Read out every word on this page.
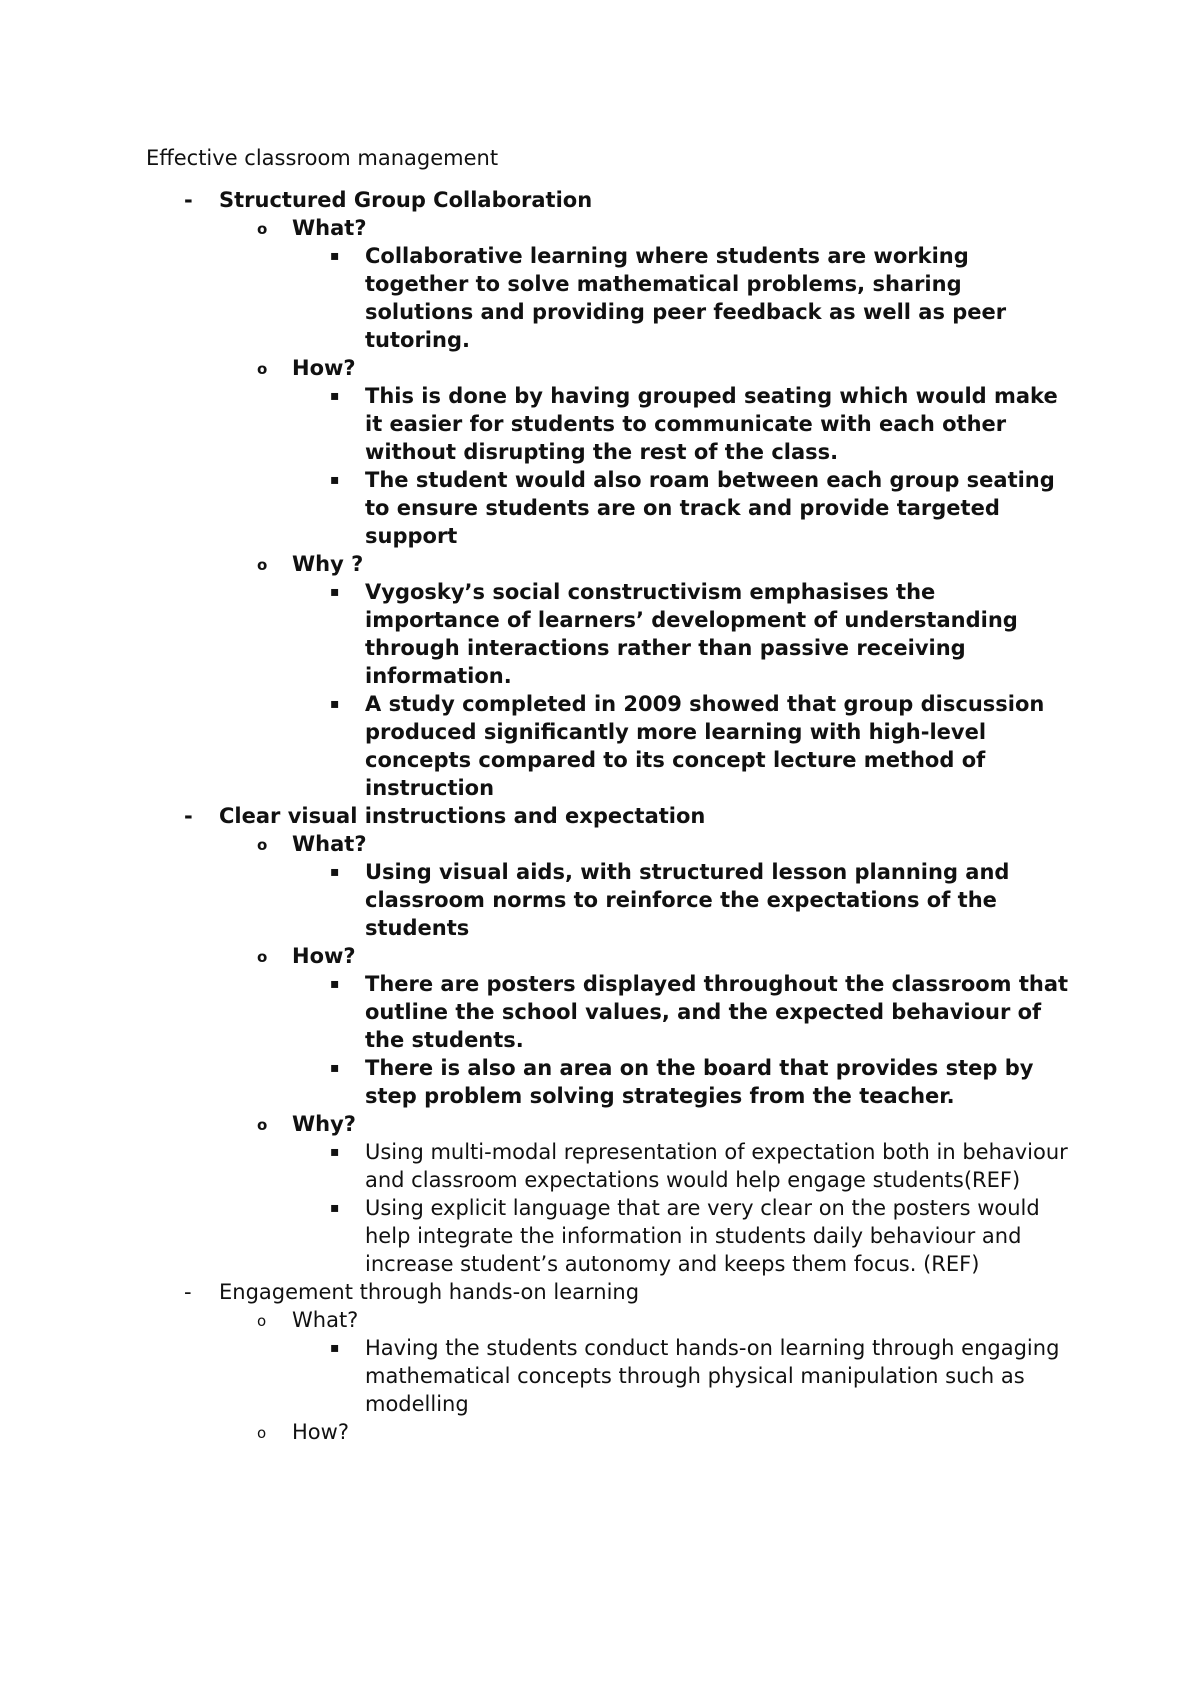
Effective classroom management
- Structured Group Collaboration
o What?
▪ Collaborative learning where students are working together to solve mathematical problems, sharing solutions and providing peer feedback as well as peer tutoring.
o How?
▪ This is done by having grouped seating which would make it easier for students to communicate with each other without disrupting the rest of the class.
▪ The student would also roam between each group seating to ensure students are on track and provide targeted support
o Why ?
▪ Vygosky’s social constructivism emphasises the importance of learners’ development of understanding through interactions rather than passive receiving information.
▪ A study completed in 2009 showed that group discussion produced significantly more learning with high-level concepts compared to its concept lecture method of instruction
- Clear visual instructions and expectation
o What?
▪ Using visual aids, with structured lesson planning and classroom norms to reinforce the expectations of the students
o How?
▪ There are posters displayed throughout the classroom that outline the school values, and the expected behaviour of the students.
▪ There is also an area on the board that provides step by step problem solving strategies from the teacher.
o Why?
▪ Using multi-modal representation of expectation both in behaviour and classroom expectations would help engage students(REF)
▪ Using explicit language that are very clear on the posters would help integrate the information in students daily behaviour and increase student’s autonomy and keeps them focus. (REF)
- Engagement through hands-on learning
o What?
▪ Having the students conduct hands-on learning through engaging mathematical concepts through physical manipulation such as modelling
o How?
